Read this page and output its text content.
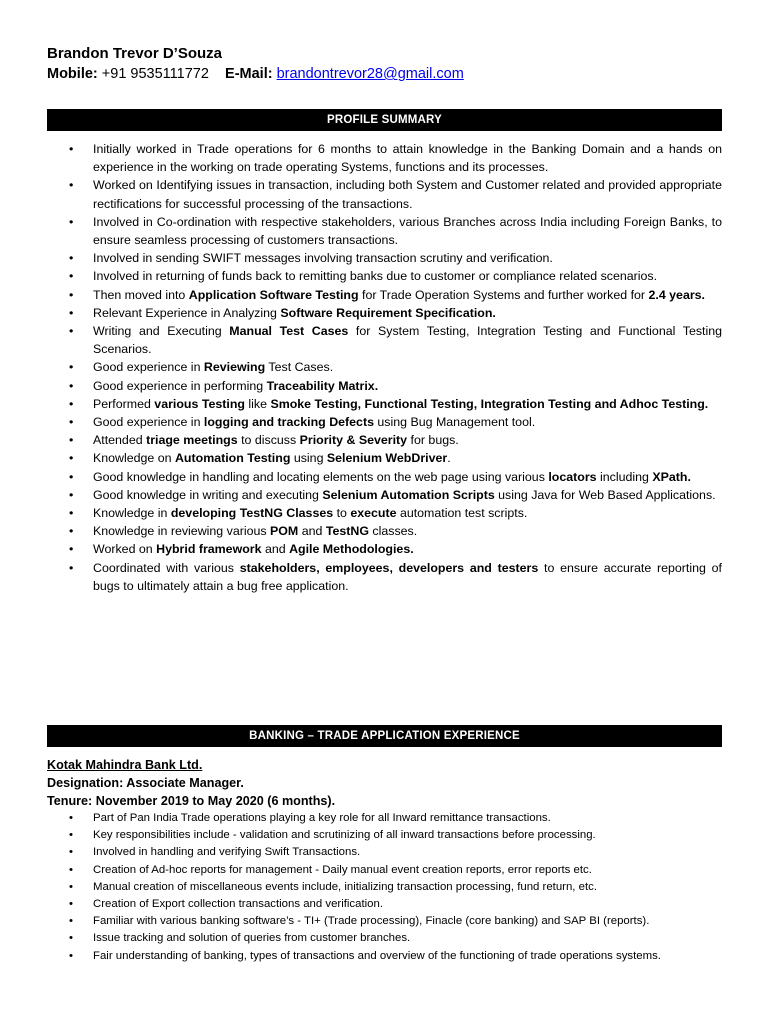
Brandon Trevor D’Souza
Mobile: +91 9535111772 E-Mail: brandontrevor28@gmail.com
PROFILE SUMMARY
• Initially worked in Trade operations for 6 months to attain knowledge in the Banking Domain and a hands on experience in the working on trade operating Systems, functions and its processes.
• Worked on Identifying issues in transaction, including both System and Customer related and provided appropriate rectifications for successful processing of the transactions.
• Involved in Co-ordination with respective stakeholders, various Branches across India including Foreign Banks, to ensure seamless processing of customers transactions.
• Involved in sending SWIFT messages involving transaction scrutiny and verification.
• Involved in returning of funds back to remitting banks due to customer or compliance related scenarios.
• Then moved into Application Software Testing for Trade Operation Systems and further worked for 2.4 years.
• Relevant Experience in Analyzing Software Requirement Specification.
• Writing and Executing Manual Test Cases for System Testing, Integration Testing and Functional Testing Scenarios.
• Good experience in Reviewing Test Cases.
• Good experience in performing Traceability Matrix.
• Performed various Testing like Smoke Testing, Functional Testing, Integration Testing and Adhoc Testing.
• Good experience in logging and tracking Defects using Bug Management tool.
• Attended triage meetings to discuss Priority & Severity for bugs.
• Knowledge on Automation Testing using Selenium WebDriver.
• Good knowledge in handling and locating elements on the web page using various locators including XPath.
• Good knowledge in writing and executing Selenium Automation Scripts using Java for Web Based Applications.
• Knowledge in developing TestNG Classes to execute automation test scripts.
• Knowledge in reviewing various POM and TestNG classes.
• Worked on Hybrid framework and Agile Methodologies.
• Coordinated with various stakeholders, employees, developers and testers to ensure accurate reporting of bugs to ultimately attain a bug free application.
BANKING – TRADE APPLICATION EXPERIENCE
Kotak Mahindra Bank Ltd.
Designation: Associate Manager.
Tenure: November 2019 to May 2020 (6 months).
• Part of Pan India Trade operations playing a key role for all Inward remittance transactions.
• Key responsibilities include - validation and scrutinizing of all inward transactions before processing.
• Involved in handling and verifying Swift Transactions.
• Creation of Ad-hoc reports for management - Daily manual event creation reports, error reports etc.
• Manual creation of miscellaneous events include, initializing transaction processing, fund return, etc.
• Creation of Export collection transactions and verification.
• Familiar with various banking software’s - TI+ (Trade processing), Finacle (core banking) and SAP BI (reports).
• Issue tracking and solution of queries from customer branches.
• Fair understanding of banking, types of transactions and overview of the functioning of trade operations systems.
